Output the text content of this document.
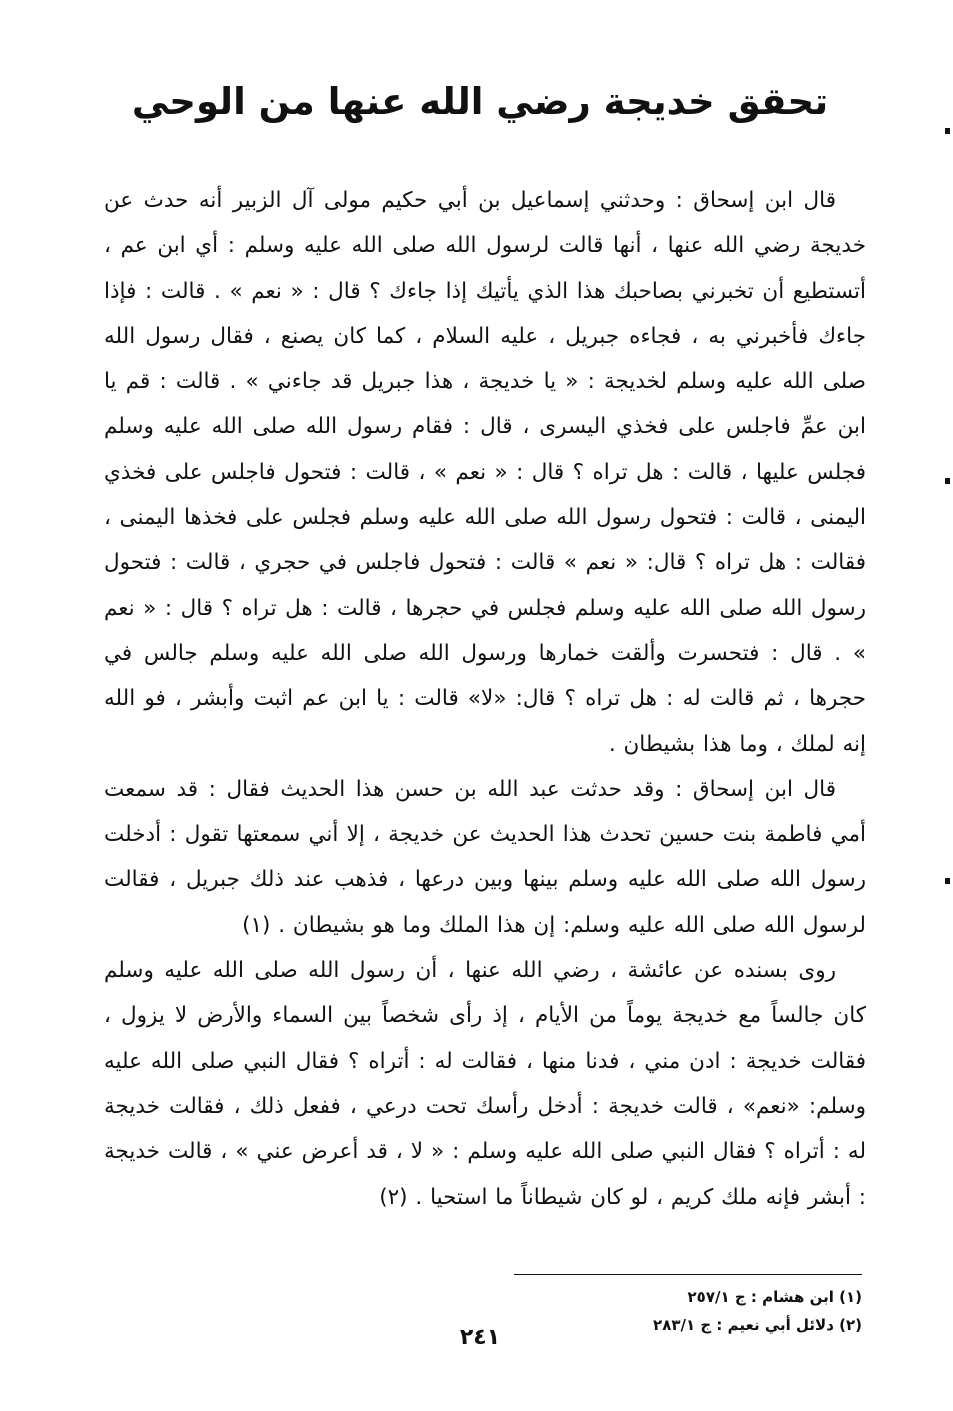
تحقق خديجة رضي الله عنها من الوحي

قال ابن إسحاق : وحدثني إسماعيل بن أبي حكيم مولى آل الزبير أنه حدث عن خديجة رضي الله عنها ، أنها قالت لرسول الله صلى الله عليه وسلم : أي ابن عم ، أتستطيع أن تخبرني بصاحبك هذا الذي يأتيك إذا جاءك ؟ قال : « نعم » . قالت : فإذا جاءك فأخبرني به ، فجاءه جبريل ، عليه السلام ، كما كان يصنع ، فقال رسول الله صلى الله عليه وسلم لخديجة : « يا خديجة ، هذا جبريل قد جاءني » . قالت : قم يا ابن عمِّ فاجلس على فخذي اليسرى ، قال : فقام رسول الله صلى الله عليه وسلم فجلس عليها ، قالت : هل تراه ؟ قال : « نعم » ، قالت : فتحول فاجلس على فخذي اليمنى ، قالت : فتحول رسول الله صلى الله عليه وسلم فجلس على فخذها اليمنى ، فقالت : هل تراه ؟ قال: « نعم » قالت : فتحول فاجلس في حجري ، قالت : فتحول رسول الله صلى الله عليه وسلم فجلس في حجرها ، قالت : هل تراه ؟ قال : « نعم » . قال : فتحسرت وألقت خمارها ورسول الله صلى الله عليه وسلم جالس في حجرها ، ثم قالت له : هل تراه ؟ قال: «لا» قالت : يا ابن عم اثبت وأبشر ، فو الله إنه لملك ، وما هذا بشيطان .

قال ابن إسحاق : وقد حدثت عبد الله بن حسن هذا الحديث فقال : قد سمعت أمي فاطمة بنت حسين تحدث هذا الحديث عن خديجة ، إلا أني سمعتها تقول : أدخلت رسول الله صلى الله عليه وسلم بينها وبين درعها ، فذهب عند ذلك جبريل ، فقالت لرسول الله صلى الله عليه وسلم: إن هذا الملك وما هو بشيطان . (١)

روى بسنده عن عائشة ، رضي الله عنها ، أن رسول الله صلى الله عليه وسلم كان جالساً مع خديجة يوماً من الأيام ، إذ رأى شخصاً بين السماء والأرض لا يزول ، فقالت خديجة : ادن مني ، فدنا منها ، فقالت له : أتراه ؟ فقال النبي صلى الله عليه وسلم: «نعم» ، قالت خديجة : أدخل رأسك تحت درعي ، ففعل ذلك ، فقالت خديجة له : أتراه ؟ فقال النبي صلى الله عليه وسلم : « لا ، قد أعرض عني » ، قالت خديجة : أبشر فإنه ملك كريم ، لو كان شيطاناً ما استحيا . (٢)

(١) ابن هشام : ج ٢٥٧/١

(٢) دلائل أبي نعيم : ج ٢٨٣/١

٢٤١
